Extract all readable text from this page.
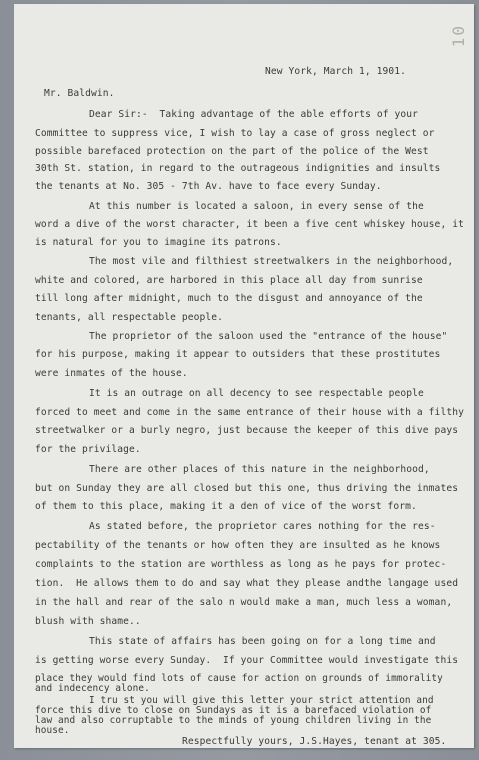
10
New York, March 1, 1901.
Mr. Baldwin.
Dear Sir:-  Taking advantage of the able efforts of your
Committee to suppress vice, I wish to lay a case of gross neglect or
possible barefaced protection on the part of the police of the West
30th St. station, in regard to the outrageous indignities and insults
the tenants at No. 305 - 7th Av. have to face every Sunday.
At this number is located a saloon, in every sense of the
word a dive of the worst character, it been a five cent whiskey house, it
is natural for you to imagine its patrons.
The most vile and filthiest streetwalkers in the neighborhood,
white and colored, are harbored in this place all day from sunrise
till long after midnight, much to the disgust and annoyance of the
tenants, all respectable people.
The proprietor of the saloon used the "entrance of the house"
for his purpose, making it appear to outsiders that these prostitutes
were inmates of the house.
It is an outrage on all decency to see respectable people
forced to meet and come in the same entrance of their house with a filthy
streetwalker or a burly negro, just because the keeper of this dive pays
for the privilage.
There are other places of this nature in the neighborhood,
but on Sunday they are all closed but this one, thus driving the inmates
of them to this place, making it a den of vice of the worst form.
As stated before, the proprietor cares nothing for the res-
pectability of the tenants or how often they are insulted as he knows
complaints to the station are worthless as long as he pays for protec-
tion.  He allows them to do and say what they please andthe langage used
in the hall and rear of the salo n would make a man, much less a woman,
blush with shame..
This state of affairs has been going on for a long time and
is getting worse every Sunday.  If your Committee would investigate this
place they would find lots of cause for action on grounds of immorality
and indecency alone.
I tru st you will give this letter your strict attention and
force this dive to close on Sundays as it is a barefaced violation of
law and also corruptable to the minds of young children living in the
house.
Respectfully yours, J.S.Hayes, tenant at 305.
